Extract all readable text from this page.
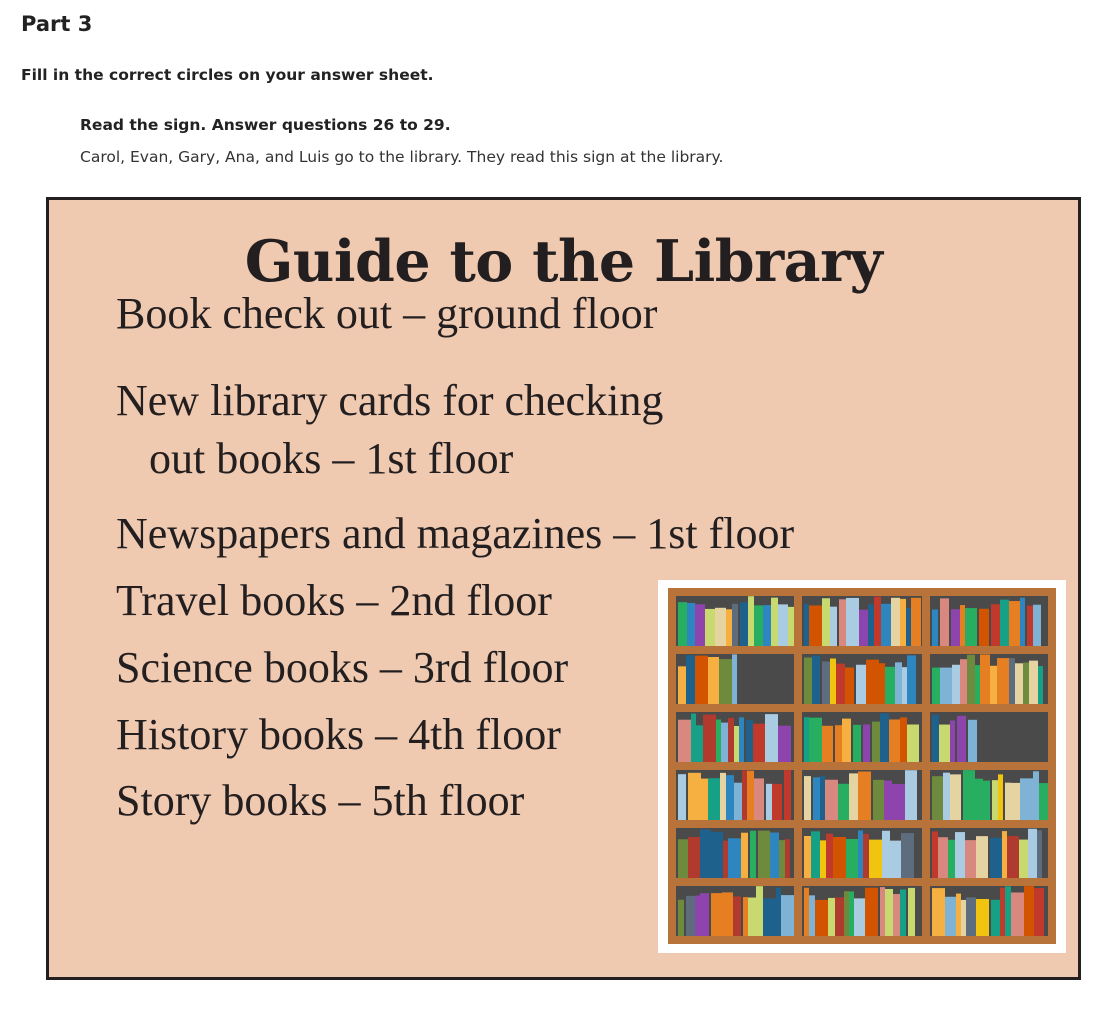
Part 3

Fill in the correct circles on your answer sheet.

Read the sign. Answer questions 26 to 29.

Carol, Evan, Gary, Ana, and Luis go to the library. They read this sign at the library.

Guide to the Library

Book check out – ground floor

New library cards for checking

out books – 1st floor

Newspapers and magazines – 1st floor

Travel books – 2nd floor

Science books – 3rd floor

History books – 4th floor

Story books – 5th floor
